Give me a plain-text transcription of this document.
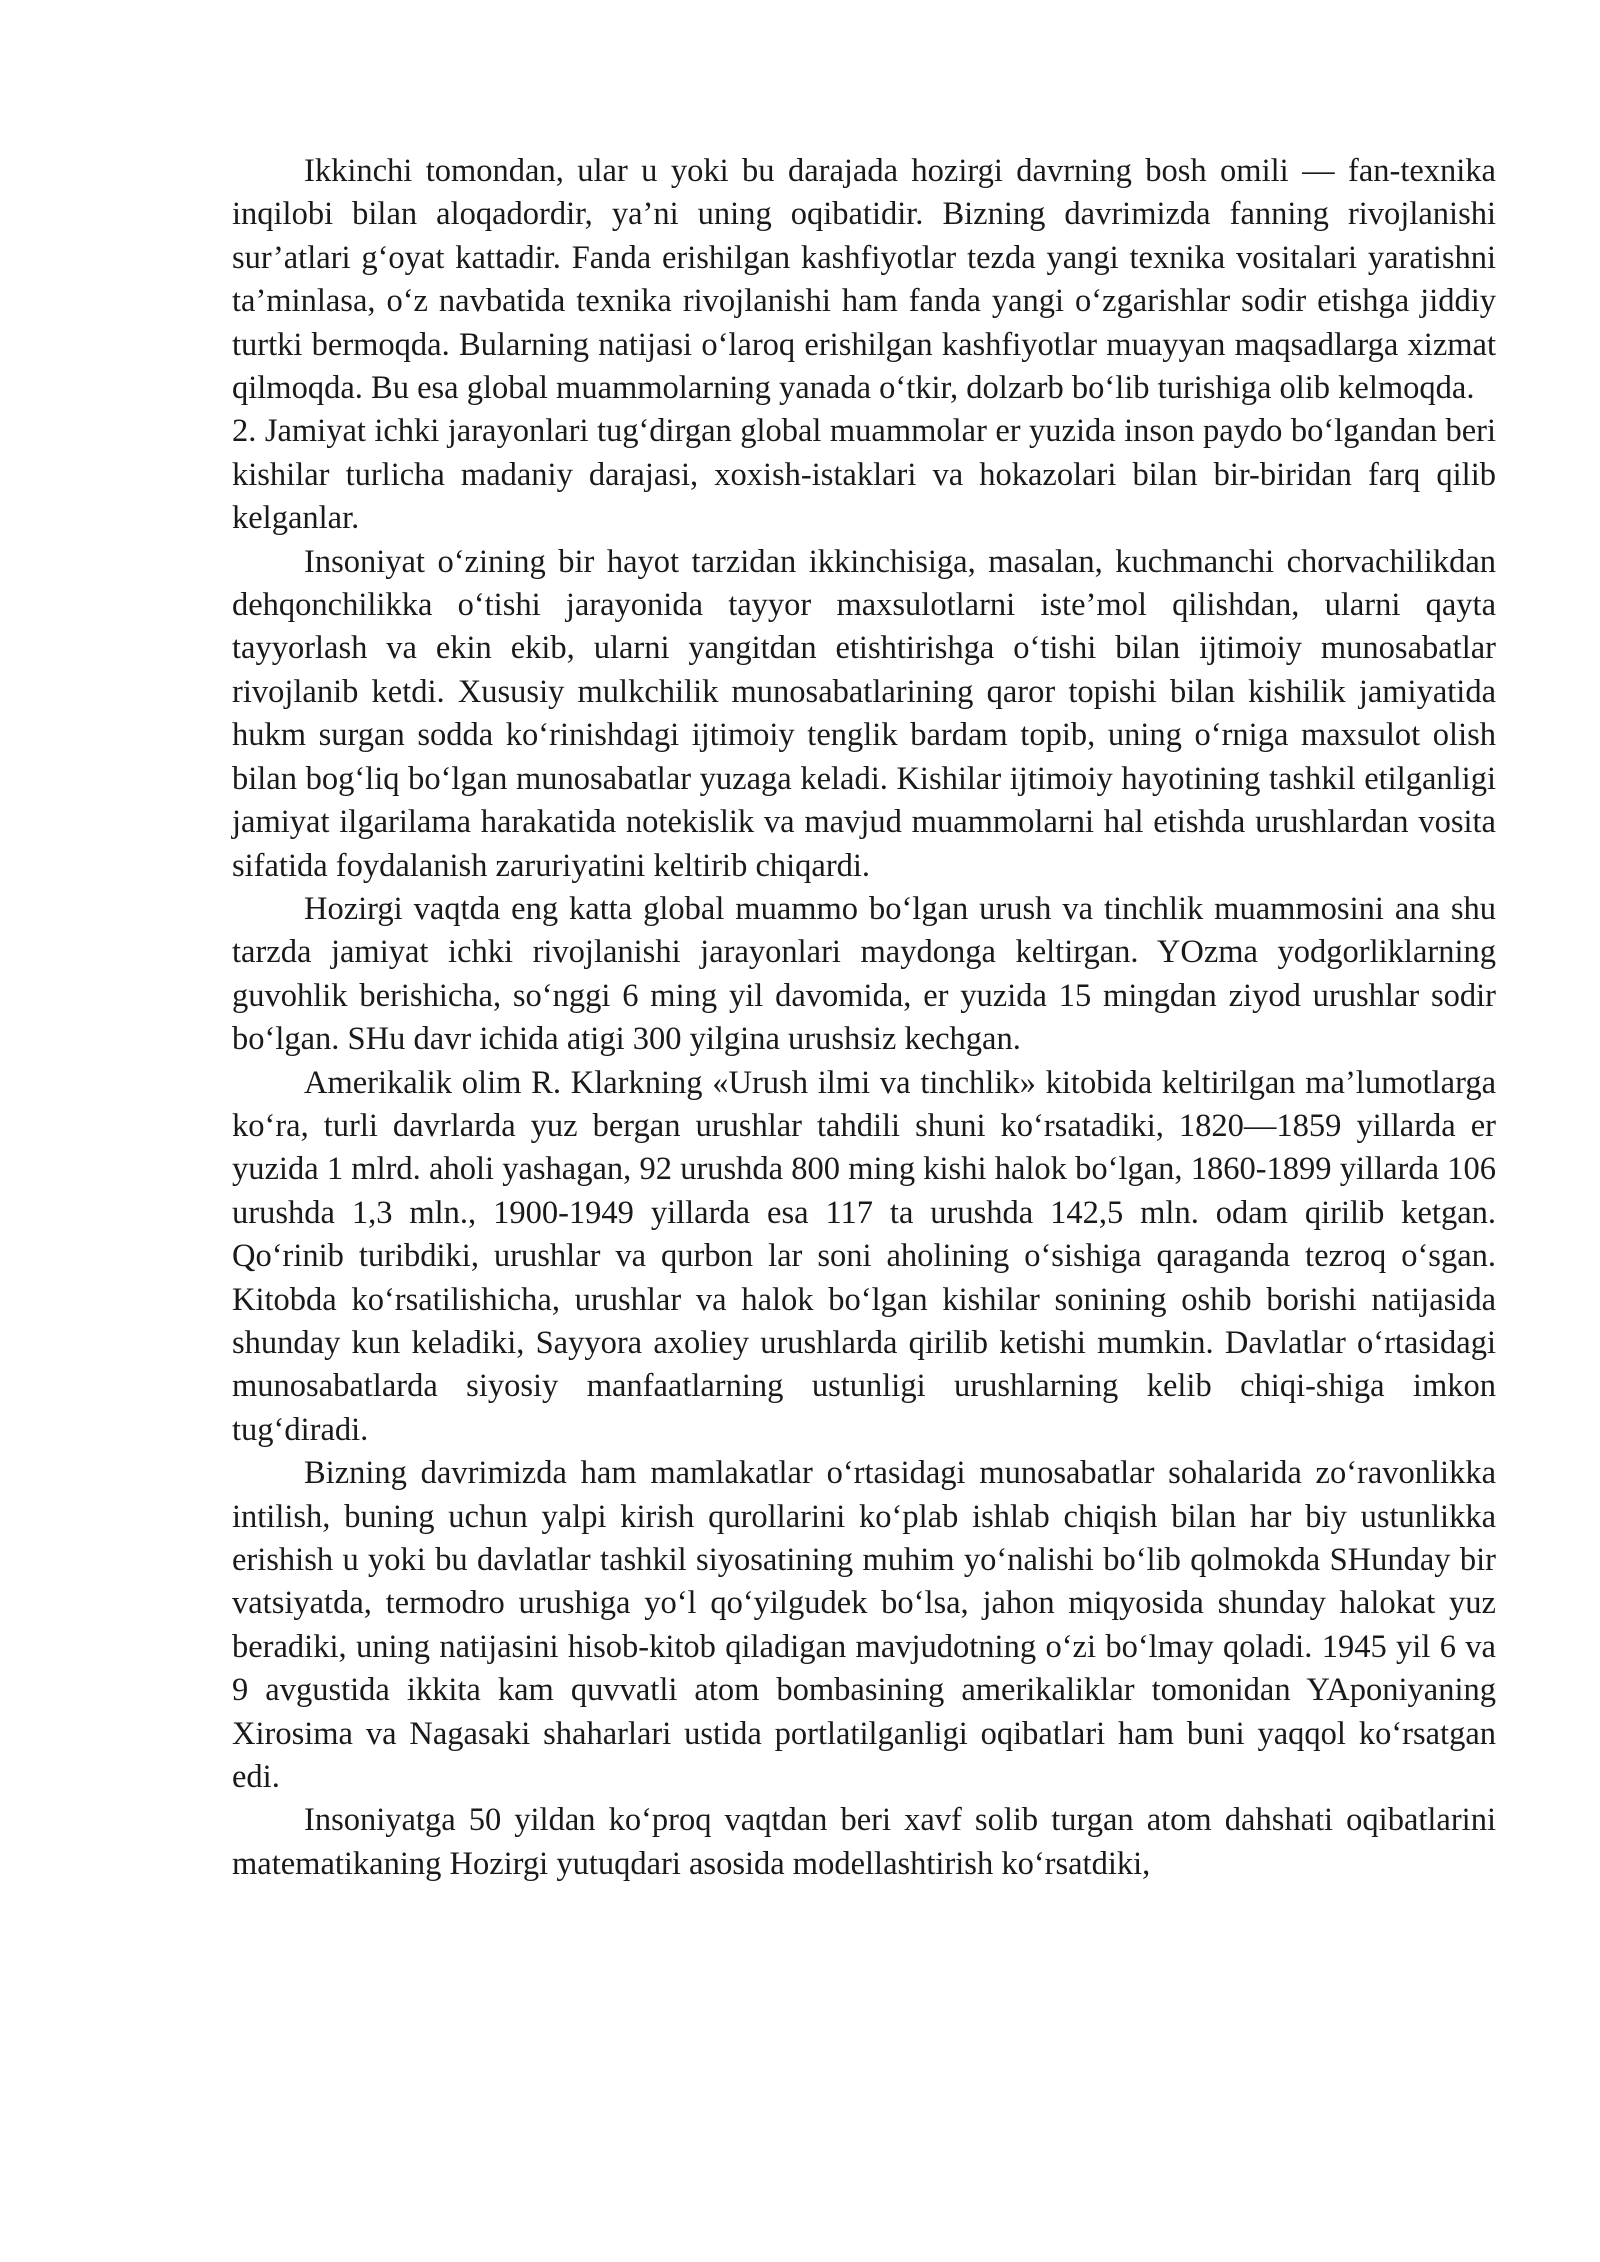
Ikkinchi tomondan, ular u yoki bu darajada hozirgi davrning bosh omili — fan-texnika inqilobi bilan aloqadordir, ya’ni uning oqibatidir. Bizning davrimizda fanning rivojlanishi sur’atlari g‘oyat kattadir. Fanda erishilgan kashfiyotlar tezda yangi texnika vositalari yaratishni ta’minlasa, o‘z navbatida texnika rivojlanishi ham fanda yangi o‘zgarishlar sodir etishga jiddiy turtki bermoqda. Bularning natijasi o‘laroq erishilgan kashfiyotlar muayyan maqsadlarga xizmat qilmoqda. Bu esa global muammolarning yanada o‘tkir, dolzarb bo‘lib turishiga olib kelmoqda.

2. Jamiyat ichki jarayonlari tug‘dirgan global muammolar er yuzida inson paydo bo‘lgandan beri kishilar turlicha madaniy darajasi, xoxish-istaklari va hokazolari bilan bir-biridan farq qilib kelganlar.

Insoniyat o‘zining bir hayot tarzidan ikkinchisiga, masalan, kuchmanchi chorvachilikdan dehqonchilikka o‘tishi jarayonida tayyor maxsulotlarni iste’mol qilishdan, ularni qayta tayyorlash va ekin ekib, ularni yangitdan etishtirishga o‘tishi bilan ijtimoiy munosabatlar rivojlanib ketdi. Xususiy mulkchilik munosabatlarining qaror topishi bilan kishilik jamiyatida hukm surgan sodda ko‘rinishdagi ijtimoiy tenglik bardam topib, uning o‘rniga maxsulot olish bilan bog‘liq bo‘lgan munosabatlar yuzaga keladi. Kishilar ijtimoiy hayotining tashkil etilganligi jamiyat ilgarilama harakatida notekislik va mavjud muammolarni hal etishda urushlardan vosita sifatida foydalanish zaruriyatini keltirib chiqardi.

Hozirgi vaqtda eng katta global muammo bo‘lgan urush va tinchlik muammosini ana shu tarzda jamiyat ichki rivojlanishi jarayonlari maydonga keltirgan. YOzma yodgorliklarning guvohlik berishicha, so‘nggi 6 ming yil davomida, er yuzida 15 mingdan ziyod urushlar sodir bo‘lgan. SHu davr ichida atigi 300 yilgina urushsiz kechgan.

Amerikalik olim R. Klarkning «Urush ilmi va tinchlik» kitobida keltirilgan ma’lumotlarga ko‘ra, turli davrlarda yuz bergan urushlar tahdili shuni ko‘rsatadiki, 1820—1859 yillarda er yuzida 1 mlrd. aholi yashagan, 92 urushda 800 ming kishi halok bo‘lgan, 1860-1899 yillarda 106 urushda 1,3 mln., 1900-1949 yillarda esa 117 ta urushda 142,5 mln. odam qirilib ketgan. Qo‘rinib turibdiki, urushlar va qurbon lar soni aholining o‘sishiga qaraganda tezroq o‘sgan. Kitobda ko‘rsatilishicha, urushlar va halok bo‘lgan kishilar sonining oshib borishi natijasida shunday kun keladiki, Sayyora axoliey urushlarda qirilib ketishi mumkin. Davlatlar o‘rtasidagi munosabatlarda siyosiy manfaatlarning ustunligi urushlarning kelib chiqi-shiga imkon tug‘diradi.

Bizning davrimizda ham mamlakatlar o‘rtasidagi munosabatlar sohalarida zo‘ravonlikka intilish, buning uchun yalpi kirish qurollarini ko‘plab ishlab chiqish bilan har biy ustunlikka erishish u yoki bu davlatlar tashkil siyosatining muhim yo‘nalishi bo‘lib qolmokda SHunday bir vatsiyatda, termodro urushiga yo‘l qo‘yilgudek bo‘lsa, jahon miqyosida shunday halokat yuz beradiki, uning natijasini hisob-kitob qiladigan mavjudotning o‘zi bo‘lmay qoladi. 1945 yil 6 va 9 avgustida ikkita kam quvvatli atom bombasining amerikaliklar tomonidan YAponiyaning Xirosima va Nagasaki shaharlari ustida portlatilganligi oqibatlari ham buni yaqqol ko‘rsatgan edi.

Insoniyatga 50 yildan ko‘proq vaqtdan beri xavf solib turgan atom dahshati oqibatlarini matematikaning Hozirgi yutuqdari asosida modellashtirish ko‘rsatdiki,
